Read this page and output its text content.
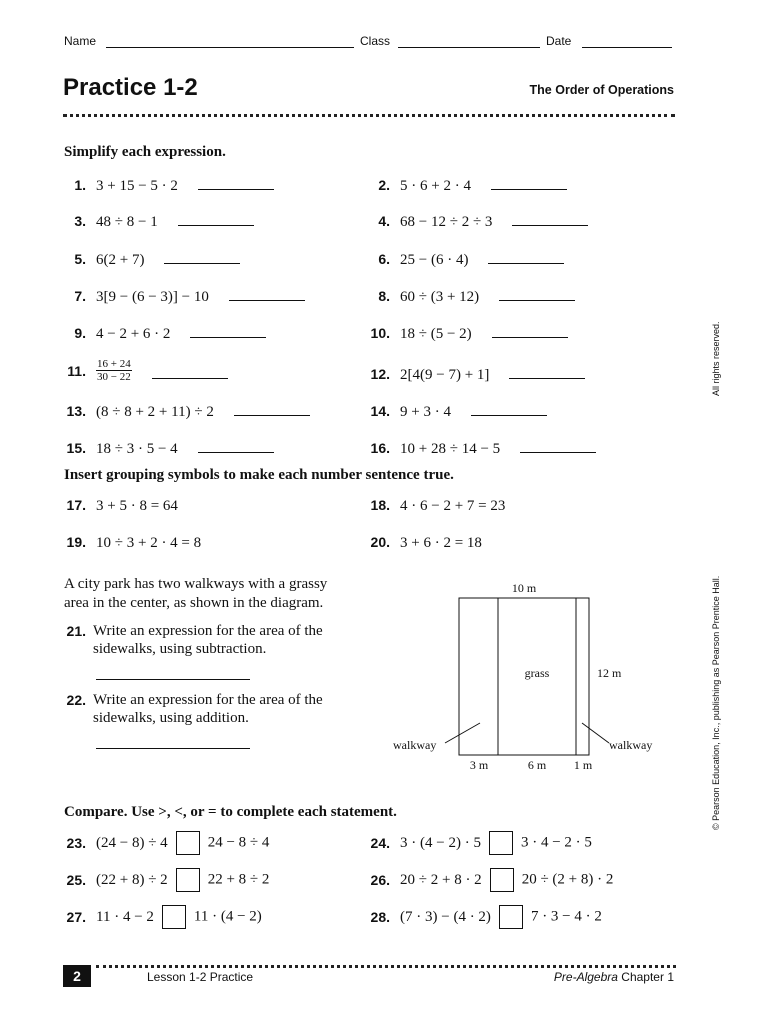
Name	Class	Date
Practice 1-2	The Order of Operations
Simplify each expression.
1. 3 + 15 − 5 · 2
3. 48 ÷ 8 − 1
5. 6(2 + 7)
7. 3[9 − (6 − 3)] − 10
9. 4 − 2 + 6 · 2
11. $\frac{16 + 24}{30 - 22}$

13. (8 ÷ 8 + 2 + 11) ÷ 2
15. 18 ÷ 3 · 5 − 4
2. 5 · 6 + 2 · 4
4. 68 − 12 ÷ 2 ÷ 3
6. 25 − (6 · 4)
8. 60 ÷ (3 + 12)
10. 18 ÷ (5 − 2)
12. 2[4(9 − 7) + 1]
14. 9 + 3 · 4
16. 10 + 28 ÷ 14 − 5
Insert grouping symbols to make each number sentence true.
17. 3 + 5 · 8 = 64	18. 4 · 6 − 2 + 7 = 23
19. 10 ÷ 3 + 2 · 4 = 8	20. 3 + 6 · 2 = 18
A city park has two walkways with a grassy
area in the center, as shown in the diagram.
21. Write an expression for the area of the
sidewalks, using subtraction.
22. Write an expression for the area of the
sidewalks, using addition.
10 m
12 m
grass
walkway	walkway
3 m	6 m 1 m
Compare. Use >, <, or = to complete each statement.
23. (24 − 8) ÷ 4	24 − 8 ÷ 4	24. 3 · (4 − 2) · 5	3 · 4 − 2 · 5
25. (22 + 8) ÷ 2	22 + 8 ÷ 2	26. 20 ÷ 2 + 8 · 2	20 ÷ (2 + 8) · 2
27. 11 · 4 − 2	11 · (4 − 2)	28. (7 · 3) − (4 · 2)	7 · 3 − 4 · 2
All rights reserved.
© Pearson Education, Inc., publishing as Pearson Prentice Hall.
2	Lesson 1-2 Practice	Pre-Algebra Chapter 1
